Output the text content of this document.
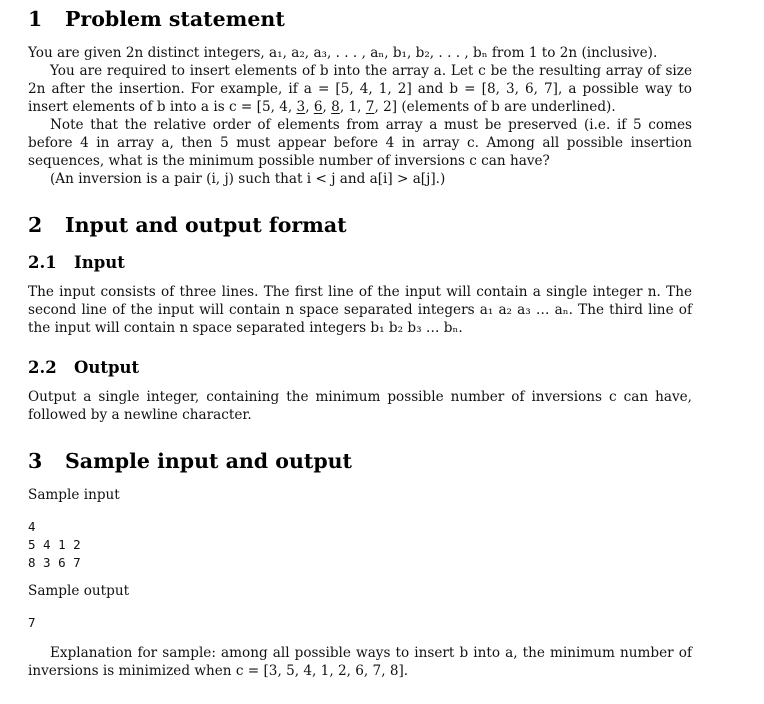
1 Problem statement

You are given 2n distinct integers, a₁, a₂, a₃, . . . , aₙ, b₁, b₂, . . . , bₙ from 1 to 2n (inclusive).

You are required to insert elements of b into the array a. Let c be the resulting array of size 2n after the insertion. For example, if a = [5, 4, 1, 2] and b = [8, 3, 6, 7], a possible way to insert elements of b into a is c = [5, 4, 3, 6, 8, 1, 7, 2] (elements of b are underlined).

Note that the relative order of elements from array a must be preserved (i.e. if 5 comes before 4 in array a, then 5 must appear before 4 in array c. Among all possible insertion sequences, what is the minimum possible number of inversions c can have?

(An inversion is a pair (i, j) such that i < j and a[i] > a[j].)

2 Input and output format
2.1 Input

The input consists of three lines. The first line of the input will contain a single integer n. The second line of the input will contain n space separated integers a₁ a₂ a₃ … aₙ. The third line of the input will contain n space separated integers b₁ b₂ b₃ … bₙ.

2.2 Output

Output a single integer, containing the minimum possible number of inversions c can have, followed by a newline character.

3 Sample input and output
Sample input
4
5 4 1 2
8 3 6 7
Sample output
7

Explanation for sample: among all possible ways to insert b into a, the minimum number of inversions is minimized when c = [3, 5, 4, 1, 2, 6, 7, 8].
